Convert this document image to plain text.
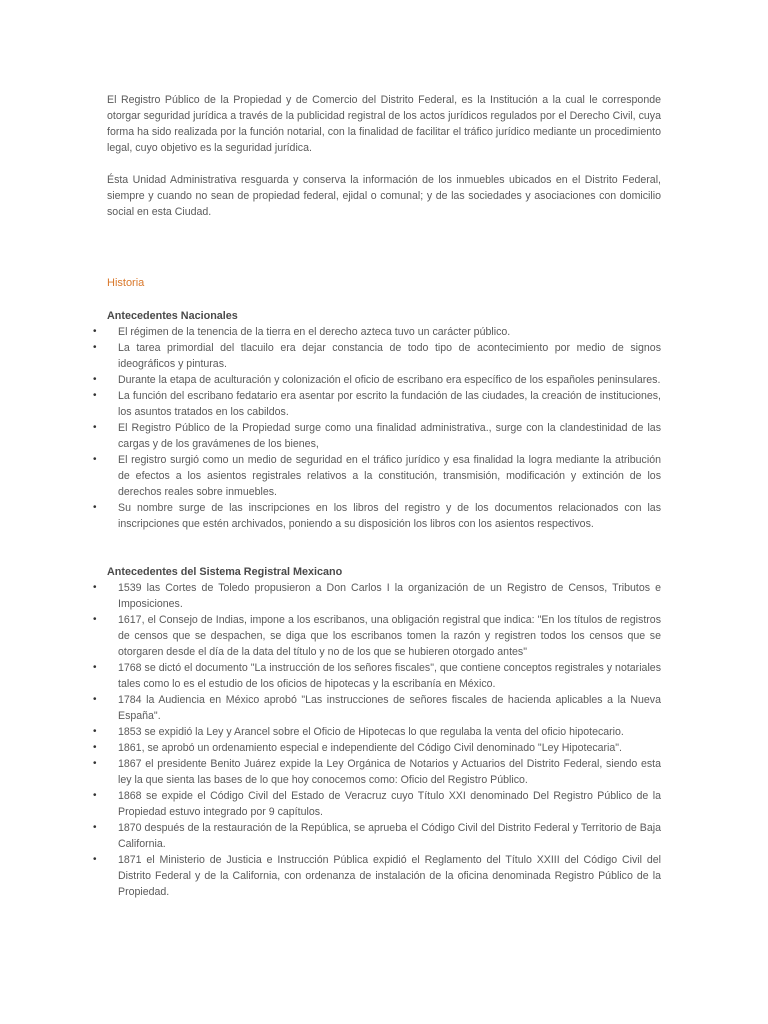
El Registro Público de la Propiedad y de Comercio del Distrito Federal, es la Institución a la cual le corresponde otorgar seguridad jurídica a través de la publicidad registral de los actos jurídicos regulados por el Derecho Civil, cuya forma ha sido realizada por la función notarial, con la finalidad de facilitar el tráfico jurídico mediante un procedimiento legal, cuyo objetivo es la seguridad jurídica.

Ésta Unidad Administrativa resguarda y conserva la información de los inmuebles ubicados en el Distrito Federal, siempre y cuando no sean de propiedad federal, ejidal o comunal; y de las sociedades y asociaciones con domicilio social en esta Ciudad.

Historia

Antecedentes Nacionales

• El régimen de la tenencia de la tierra en el derecho azteca tuvo un carácter público.
• La tarea primordial del tlacuilo era dejar constancia de todo tipo de acontecimiento por medio de signos ideográficos y pinturas.
• Durante la etapa de aculturación y colonización el oficio de escribano era específico de los españoles peninsulares.
• La función del escribano fedatario era asentar por escrito la fundación de las ciudades, la creación de instituciones, los asuntos tratados en los cabildos.
• El Registro Público de la Propiedad surge como una finalidad administrativa., surge con la clandestinidad de las cargas y de los gravámenes de los bienes,
• El registro surgió como un medio de seguridad en el tráfico jurídico y esa finalidad la logra mediante la atribución de efectos a los asientos registrales relativos a la constitución, transmisión, modificación y extinción de los derechos reales sobre inmuebles.
• Su nombre surge de las inscripciones en los libros del registro y de los documentos relacionados con las inscripciones que estén archivados, poniendo a su disposición los libros con los asientos respectivos.

Antecedentes del Sistema Registral Mexicano

• 1539 las Cortes de Toledo propusieron a Don Carlos I la organización de un Registro de Censos, Tributos e Imposiciones.
• 1617, el Consejo de Indias, impone a los escribanos, una obligación registral que indica: "En los títulos de registros de censos que se despachen, se diga que los escribanos tomen la razón y registren todos los censos que se otorgaren desde el día de la data del título y no de los que se hubieren otorgado antes"
• 1768 se dictó el documento "La instrucción de los señores fiscales", que contiene conceptos registrales y notariales tales como lo es el estudio de los oficios de hipotecas y la escribanía en México.
• 1784 la Audiencia en México aprobó "Las instrucciones de señores fiscales de hacienda aplicables a la Nueva España".
• 1853 se expidió la Ley y Arancel sobre el Oficio de Hipotecas lo que regulaba la venta del oficio hipotecario.
• 1861, se aprobó un ordenamiento especial e independiente del Código Civil denominado "Ley Hipotecaria".
• 1867 el presidente Benito Juárez expide la Ley Orgánica de Notarios y Actuarios del Distrito Federal, siendo esta ley la que sienta las bases de lo que hoy conocemos como: Oficio del Registro Público.
• 1868 se expide el Código Civil del Estado de Veracruz cuyo Título XXI denominado Del Registro Público de la Propiedad estuvo integrado por 9 capítulos.
• 1870 después de la restauración de la República, se aprueba el Código Civil del Distrito Federal y Territorio de Baja California.
• 1871 el Ministerio de Justicia e Instrucción Pública expidió el Reglamento del Título XXIII del Código Civil del Distrito Federal y de la California, con ordenanza de instalación de la oficina denominada Registro Público de la Propiedad.
